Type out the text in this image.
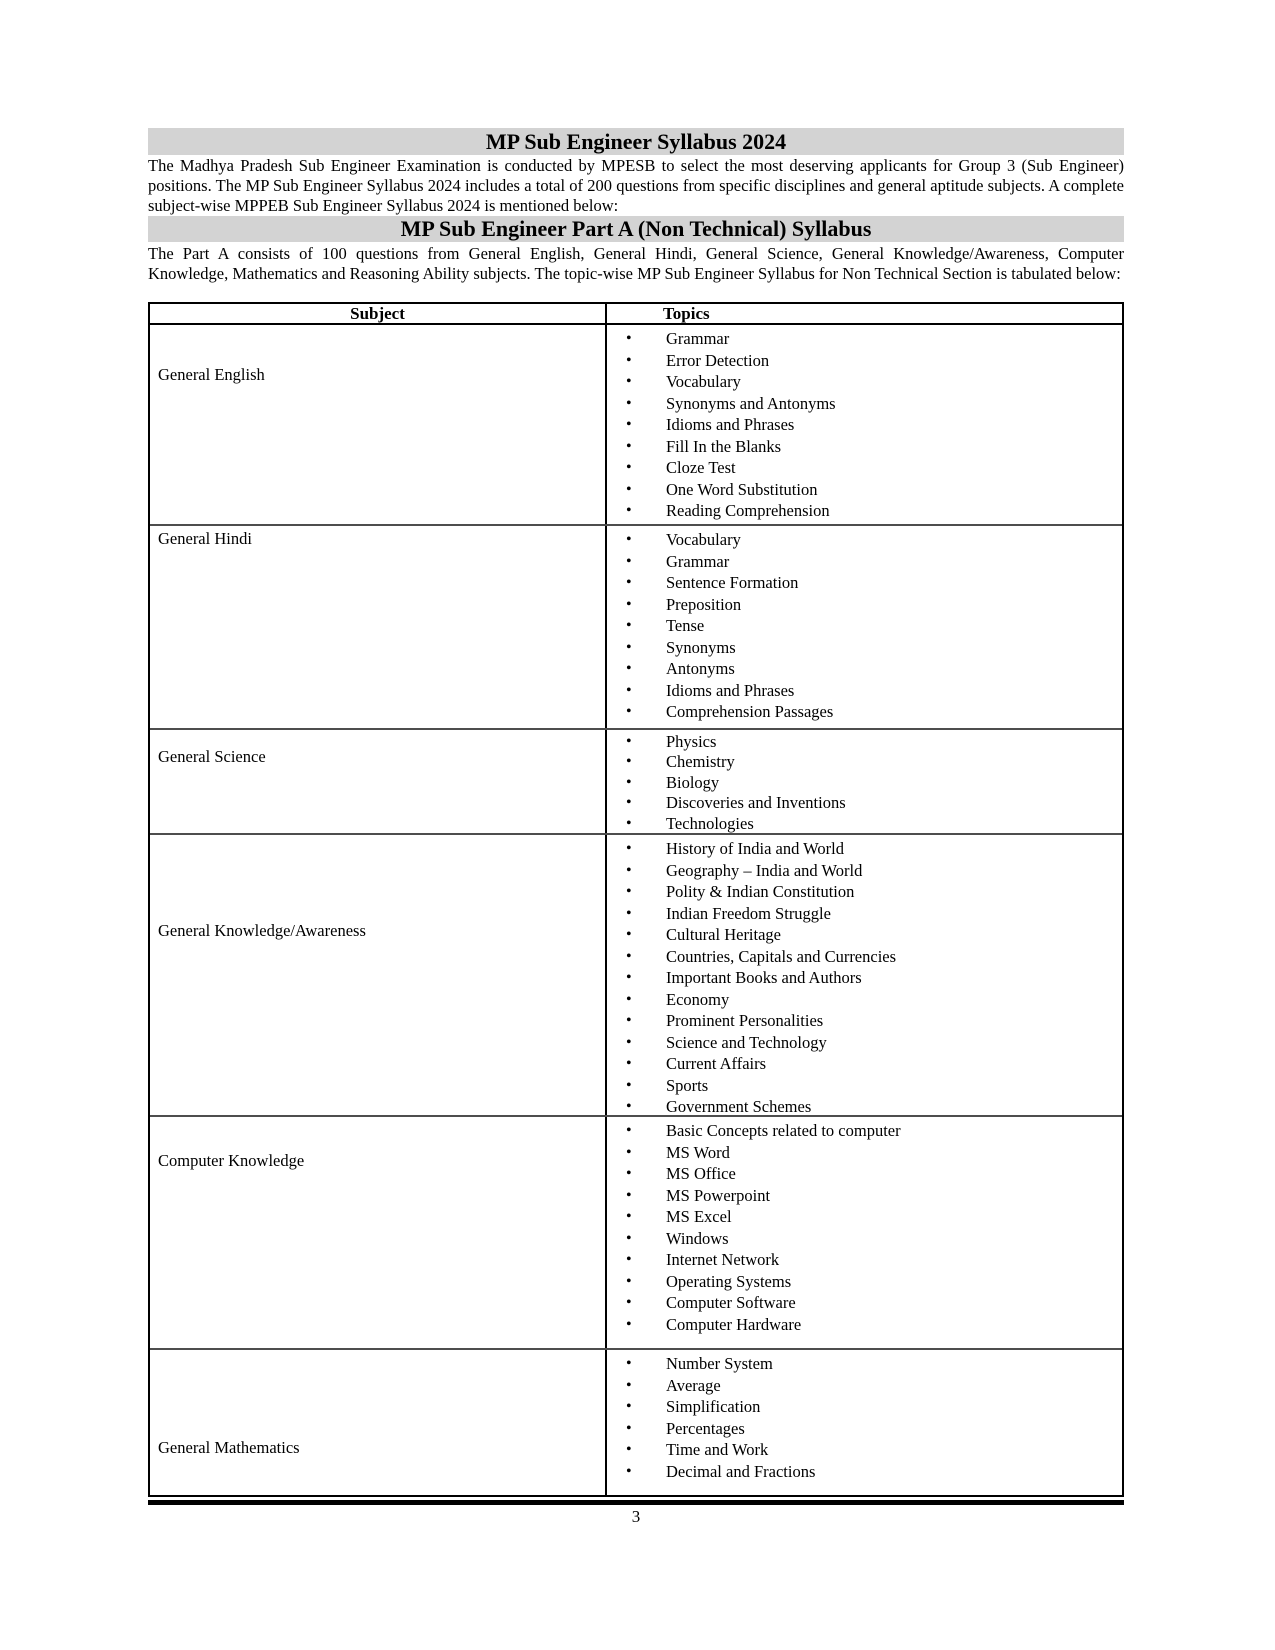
MP Sub Engineer Syllabus 2024

The Madhya Pradesh Sub Engineer Examination is conducted by MPESB to select the most deserving applicants for Group 3 (Sub Engineer) positions. The MP Sub Engineer Syllabus 2024 includes a total of 200 questions from specific disciplines and general aptitude subjects. A complete subject-wise MPPEB Sub Engineer Syllabus 2024 is mentioned below:

MP Sub Engineer Part A (Non Technical) Syllabus

The Part A consists of 100 questions from General English, General Hindi, General Science, General Knowledge/Awareness, Computer Knowledge, Mathematics and Reasoning Ability subjects. The topic-wise MP Sub Engineer Syllabus for Non Technical Section is tabulated below:

Subject	Topics
General English
• Grammar
• Error Detection
• Vocabulary
• Synonyms and Antonyms
• Idioms and Phrases
• Fill In the Blanks
• Cloze Test
• One Word Substitution
• Reading Comprehension
General Hindi	• Vocabulary
• Grammar
• Sentence Formation
• Preposition
• Tense
• Synonyms
• Antonyms
• Idioms and Phrases
• Comprehension Passages
General Science
• Physics
• Chemistry
• Biology
• Discoveries and Inventions
• Technologies
General Knowledge/Awareness
• History of India and World
• Geography – India and World
• Polity & Indian Constitution
• Indian Freedom Struggle
• Cultural Heritage
• Countries, Capitals and Currencies
• Important Books and Authors
• Economy
• Prominent Personalities
• Science and Technology
• Current Affairs
• Sports
• Government Schemes
Computer Knowledge
• Basic Concepts related to computer
• MS Word
• MS Office
• MS Powerpoint
• MS Excel
• Windows
• Internet Network
• Operating Systems
• Computer Software
• Computer Hardware
General Mathematics
• Number System
• Average
• Simplification
• Percentages
• Time and Work
• Decimal and Fractions
3
